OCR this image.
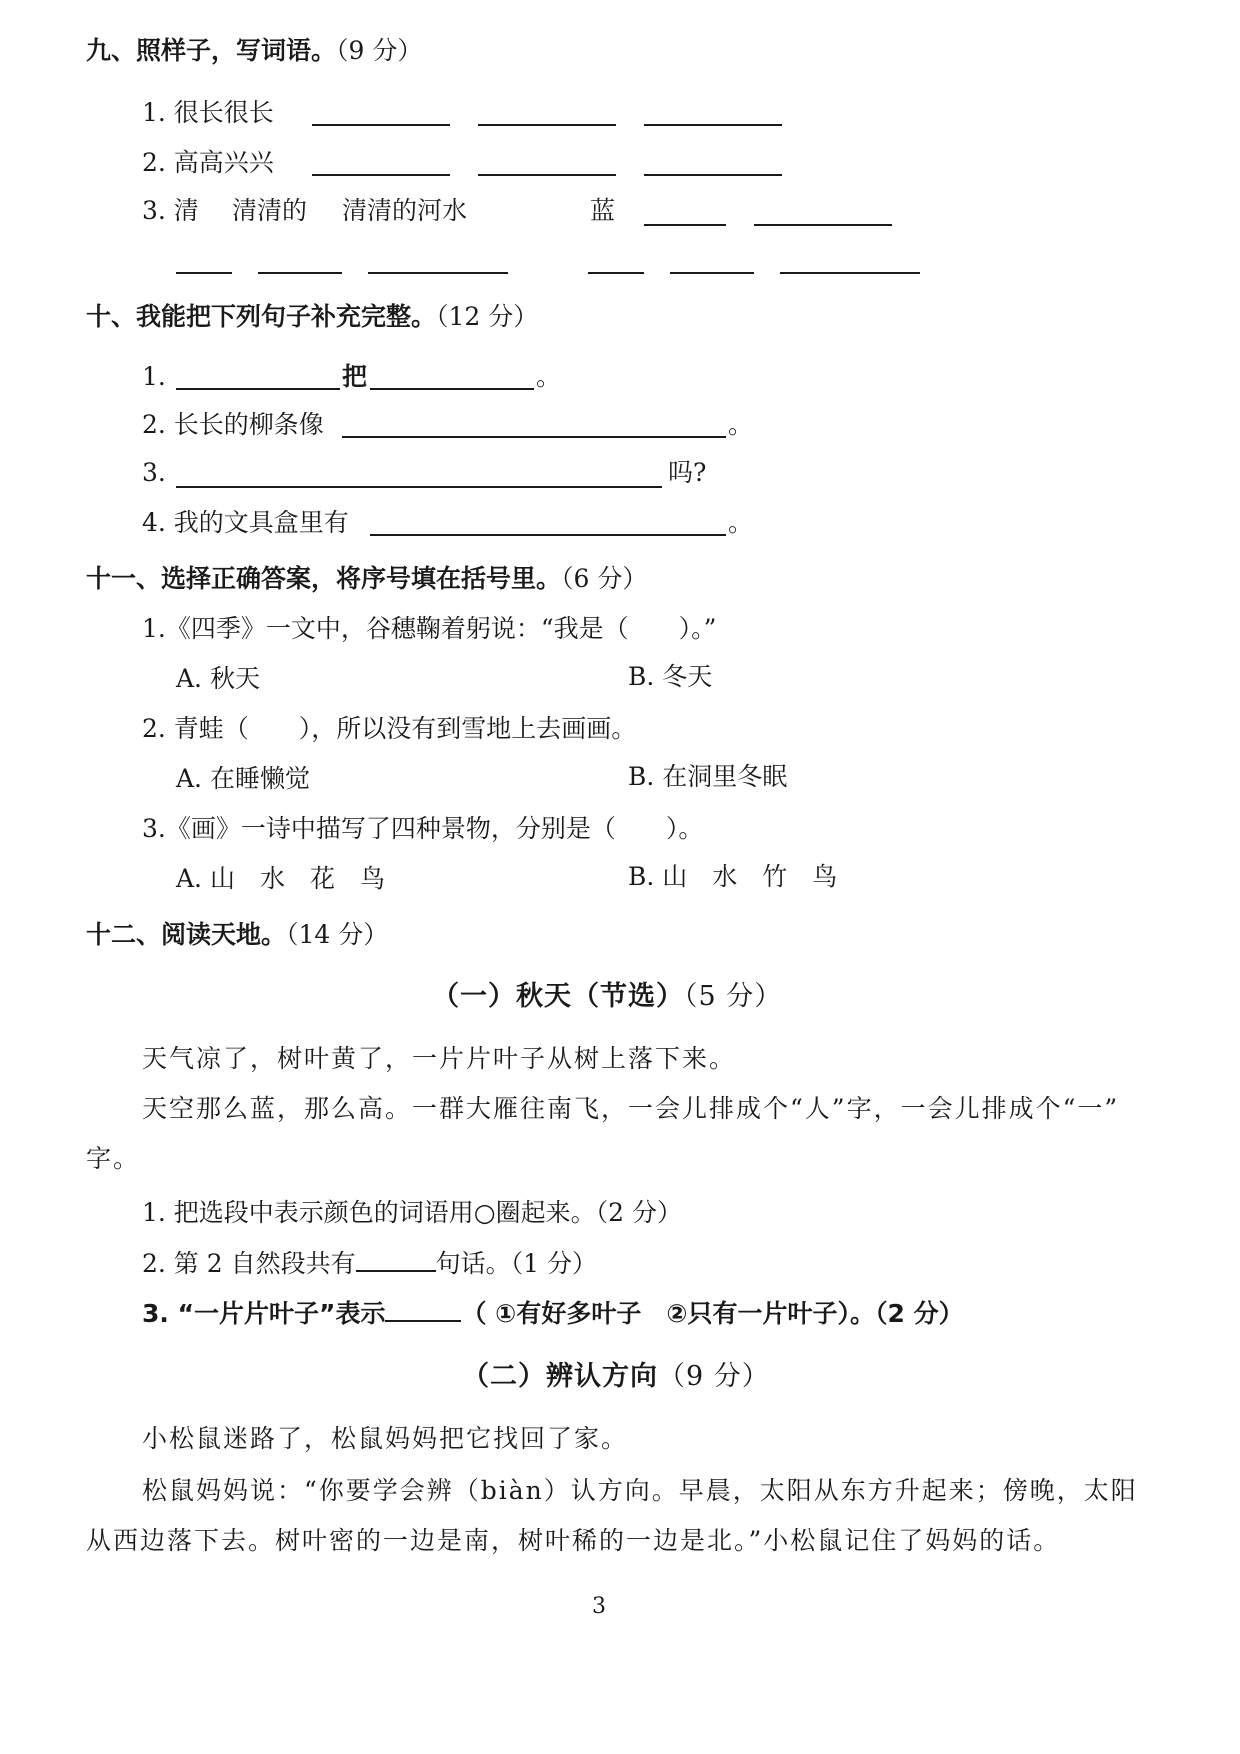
九、照样子，写词语。（9 分）
1. 很长很长
2. 高高兴兴
3. 清 清清的 清清的河水	蓝
十、我能把下列句子补充完整。（12 分）
1.	把	。
2. 长长的柳条像	。
3.	吗?
4. 我的文具盒里有	。
十一、选择正确答案，将序号填在括号里。（6 分）
1.《四季》一文中，谷穗鞠着躬说：“我是（　　）。”
A. 秋天	B. 冬天
2. 青蛙（　　），所以没有到雪地上去画画。
A. 在睡懒觉	B. 在洞里冬眠
3.《画》一诗中描写了四种景物，分别是（　　）。
A. 山　水　花　鸟	B. 山　水　竹　鸟
十二、阅读天地。（14 分）
（一）秋天（节选）（5 分）
天气凉了，树叶黄了，一片片叶子从树上落下来。
天空那么蓝，那么高。一群大雁往南飞，一会儿排成个“人”字，一会儿排成个“一”
字。
1. 把选段中表示颜色的词语用○圈起来。（2 分）
2. 第 2 自然段共有	句话。（1 分）
3. “一片片叶子”表示	（ ①有好多叶子　②只有一片叶子）。（2 分）
（二）辨认方向（9 分）
小松鼠迷路了，松鼠妈妈把它找回了家。
松鼠妈妈说：“你要学会辨（biàn）认方向。早晨，太阳从东方升起来；傍晚，太阳
从西边落下去。树叶密的一边是南，树叶稀的一边是北。”小松鼠记住了妈妈的话。
3
